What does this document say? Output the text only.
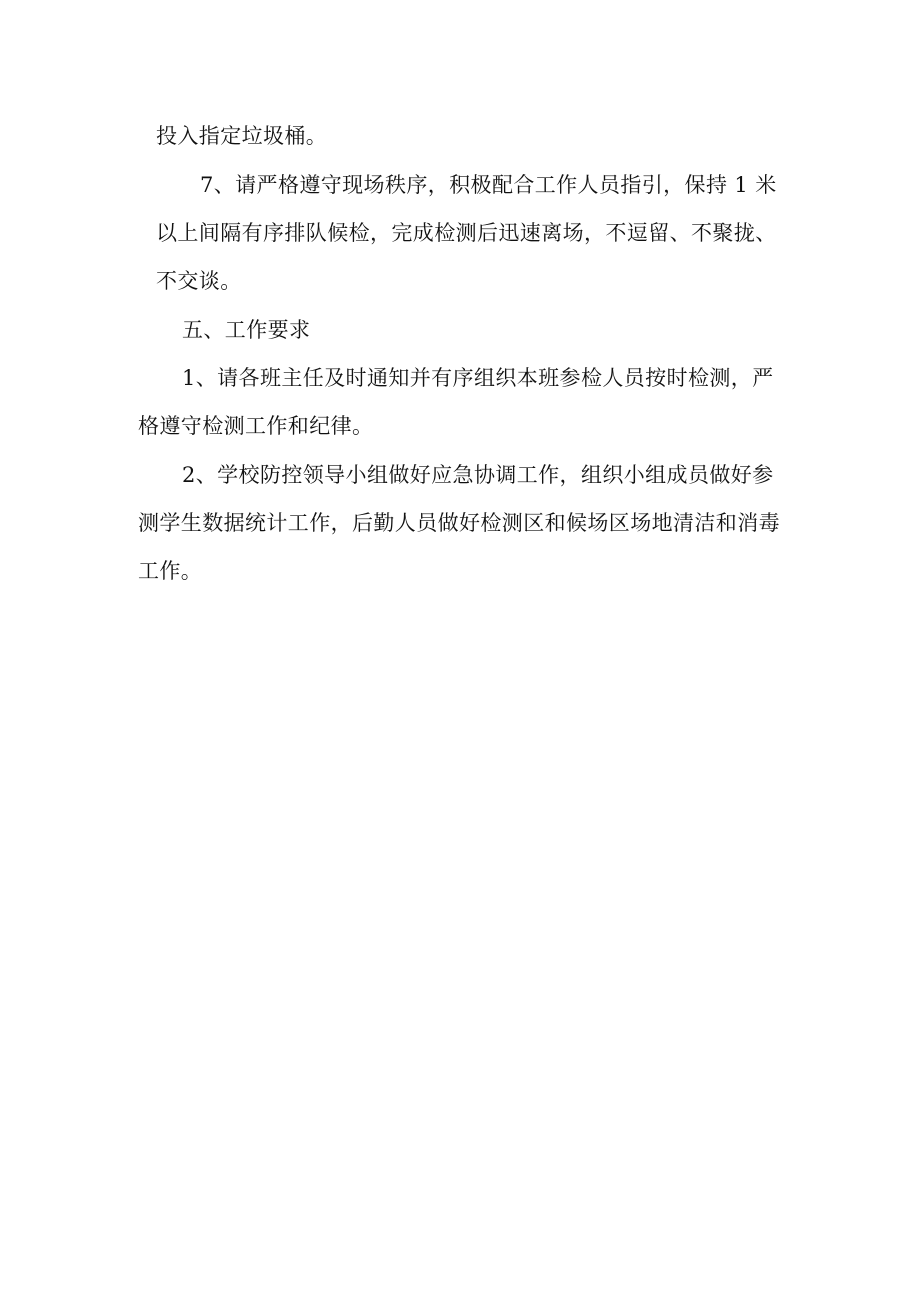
投入指定垃圾桶。
7、请严格遵守现场秩序，积极配合工作人员指引，保持 1 米
以上间隔有序排队候检，完成检测后迅速离场，不逗留、不聚拢、
不交谈。
五、工作要求
1、请各班主任及时通知并有序组织本班参检人员按时检测，严
格遵守检测工作和纪律。
2、学校防控领导小组做好应急协调工作，组织小组成员做好参
测学生数据统计工作，后勤人员做好检测区和候场区场地清洁和消毒
工作。
